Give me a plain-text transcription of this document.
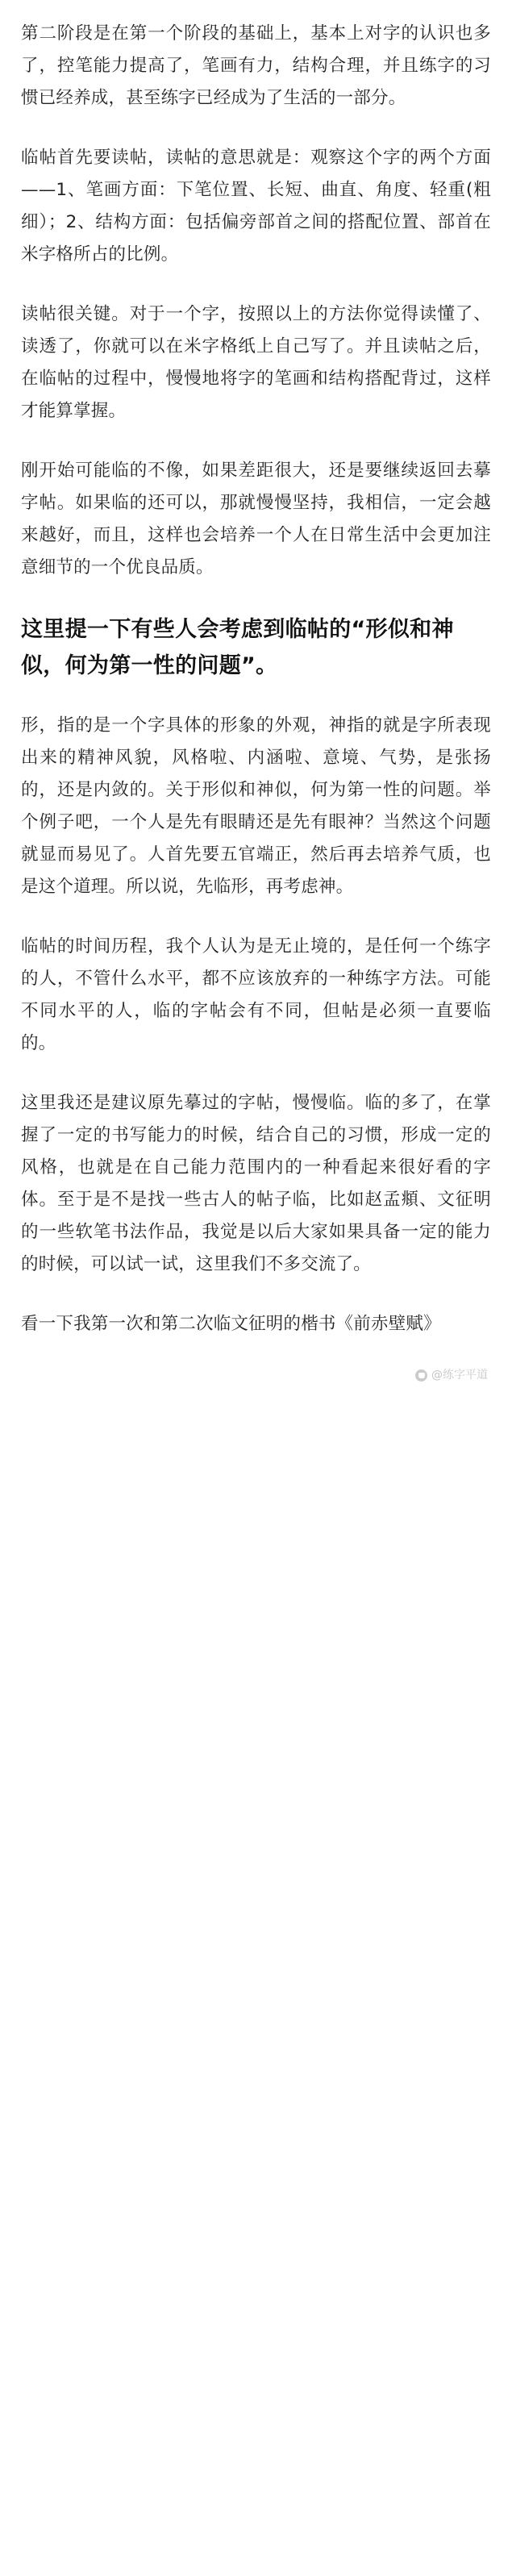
第二阶段是在第一个阶段的基础上，基本上对字的认识也多了，控笔能力提高了，笔画有力，结构合理，并且练字的习惯已经养成，甚至练字已经成为了生活的一部分。

临帖首先要读帖，读帖的意思就是：观察这个字的两个方面——1、笔画方面：下笔位置、长短、曲直、角度、轻重(粗细）；2、结构方面：包括偏旁部首之间的搭配位置、部首在米字格所占的比例。

读帖很关键。对于一个字，按照以上的方法你觉得读懂了、读透了，你就可以在米字格纸上自己写了。并且读帖之后，在临帖的过程中，慢慢地将字的笔画和结构搭配背过，这样才能算掌握。

刚开始可能临的不像，如果差距很大，还是要继续返回去摹字帖。如果临的还可以，那就慢慢坚持，我相信，一定会越来越好，而且，这样也会培养一个人在日常生活中会更加注意细节的一个优良品质。

这里提一下有些人会考虑到临帖的“形似和神似，何为第一性的问题”。

形，指的是一个字具体的形象的外观，神指的就是字所表现出来的精神风貌，风格啦、内涵啦、意境、气势，是张扬的，还是内敛的。关于形似和神似，何为第一性的问题。举个例子吧，一个人是先有眼睛还是先有眼神？当然这个问题就显而易见了。人首先要五官端正，然后再去培养气质，也是这个道理。所以说，先临形，再考虑神。

临帖的时间历程，我个人认为是无止境的，是任何一个练字的人，不管什么水平，都不应该放弃的一种练字方法。可能不同水平的人，临的字帖会有不同，但帖是必须一直要临的。

这里我还是建议原先摹过的字帖，慢慢临。临的多了，在掌握了一定的书写能力的时候，结合自己的习惯，形成一定的风格，也就是在自己能力范围内的一种看起来很好看的字体。至于是不是找一些古人的帖子临，比如赵孟頫、文征明的一些软笔书法作品，我觉是以后大家如果具备一定的能力的时候，可以试一试，这里我们不多交流了。

看一下我第一次和第二次临文征明的楷书《前赤壁赋》

@练字平道
